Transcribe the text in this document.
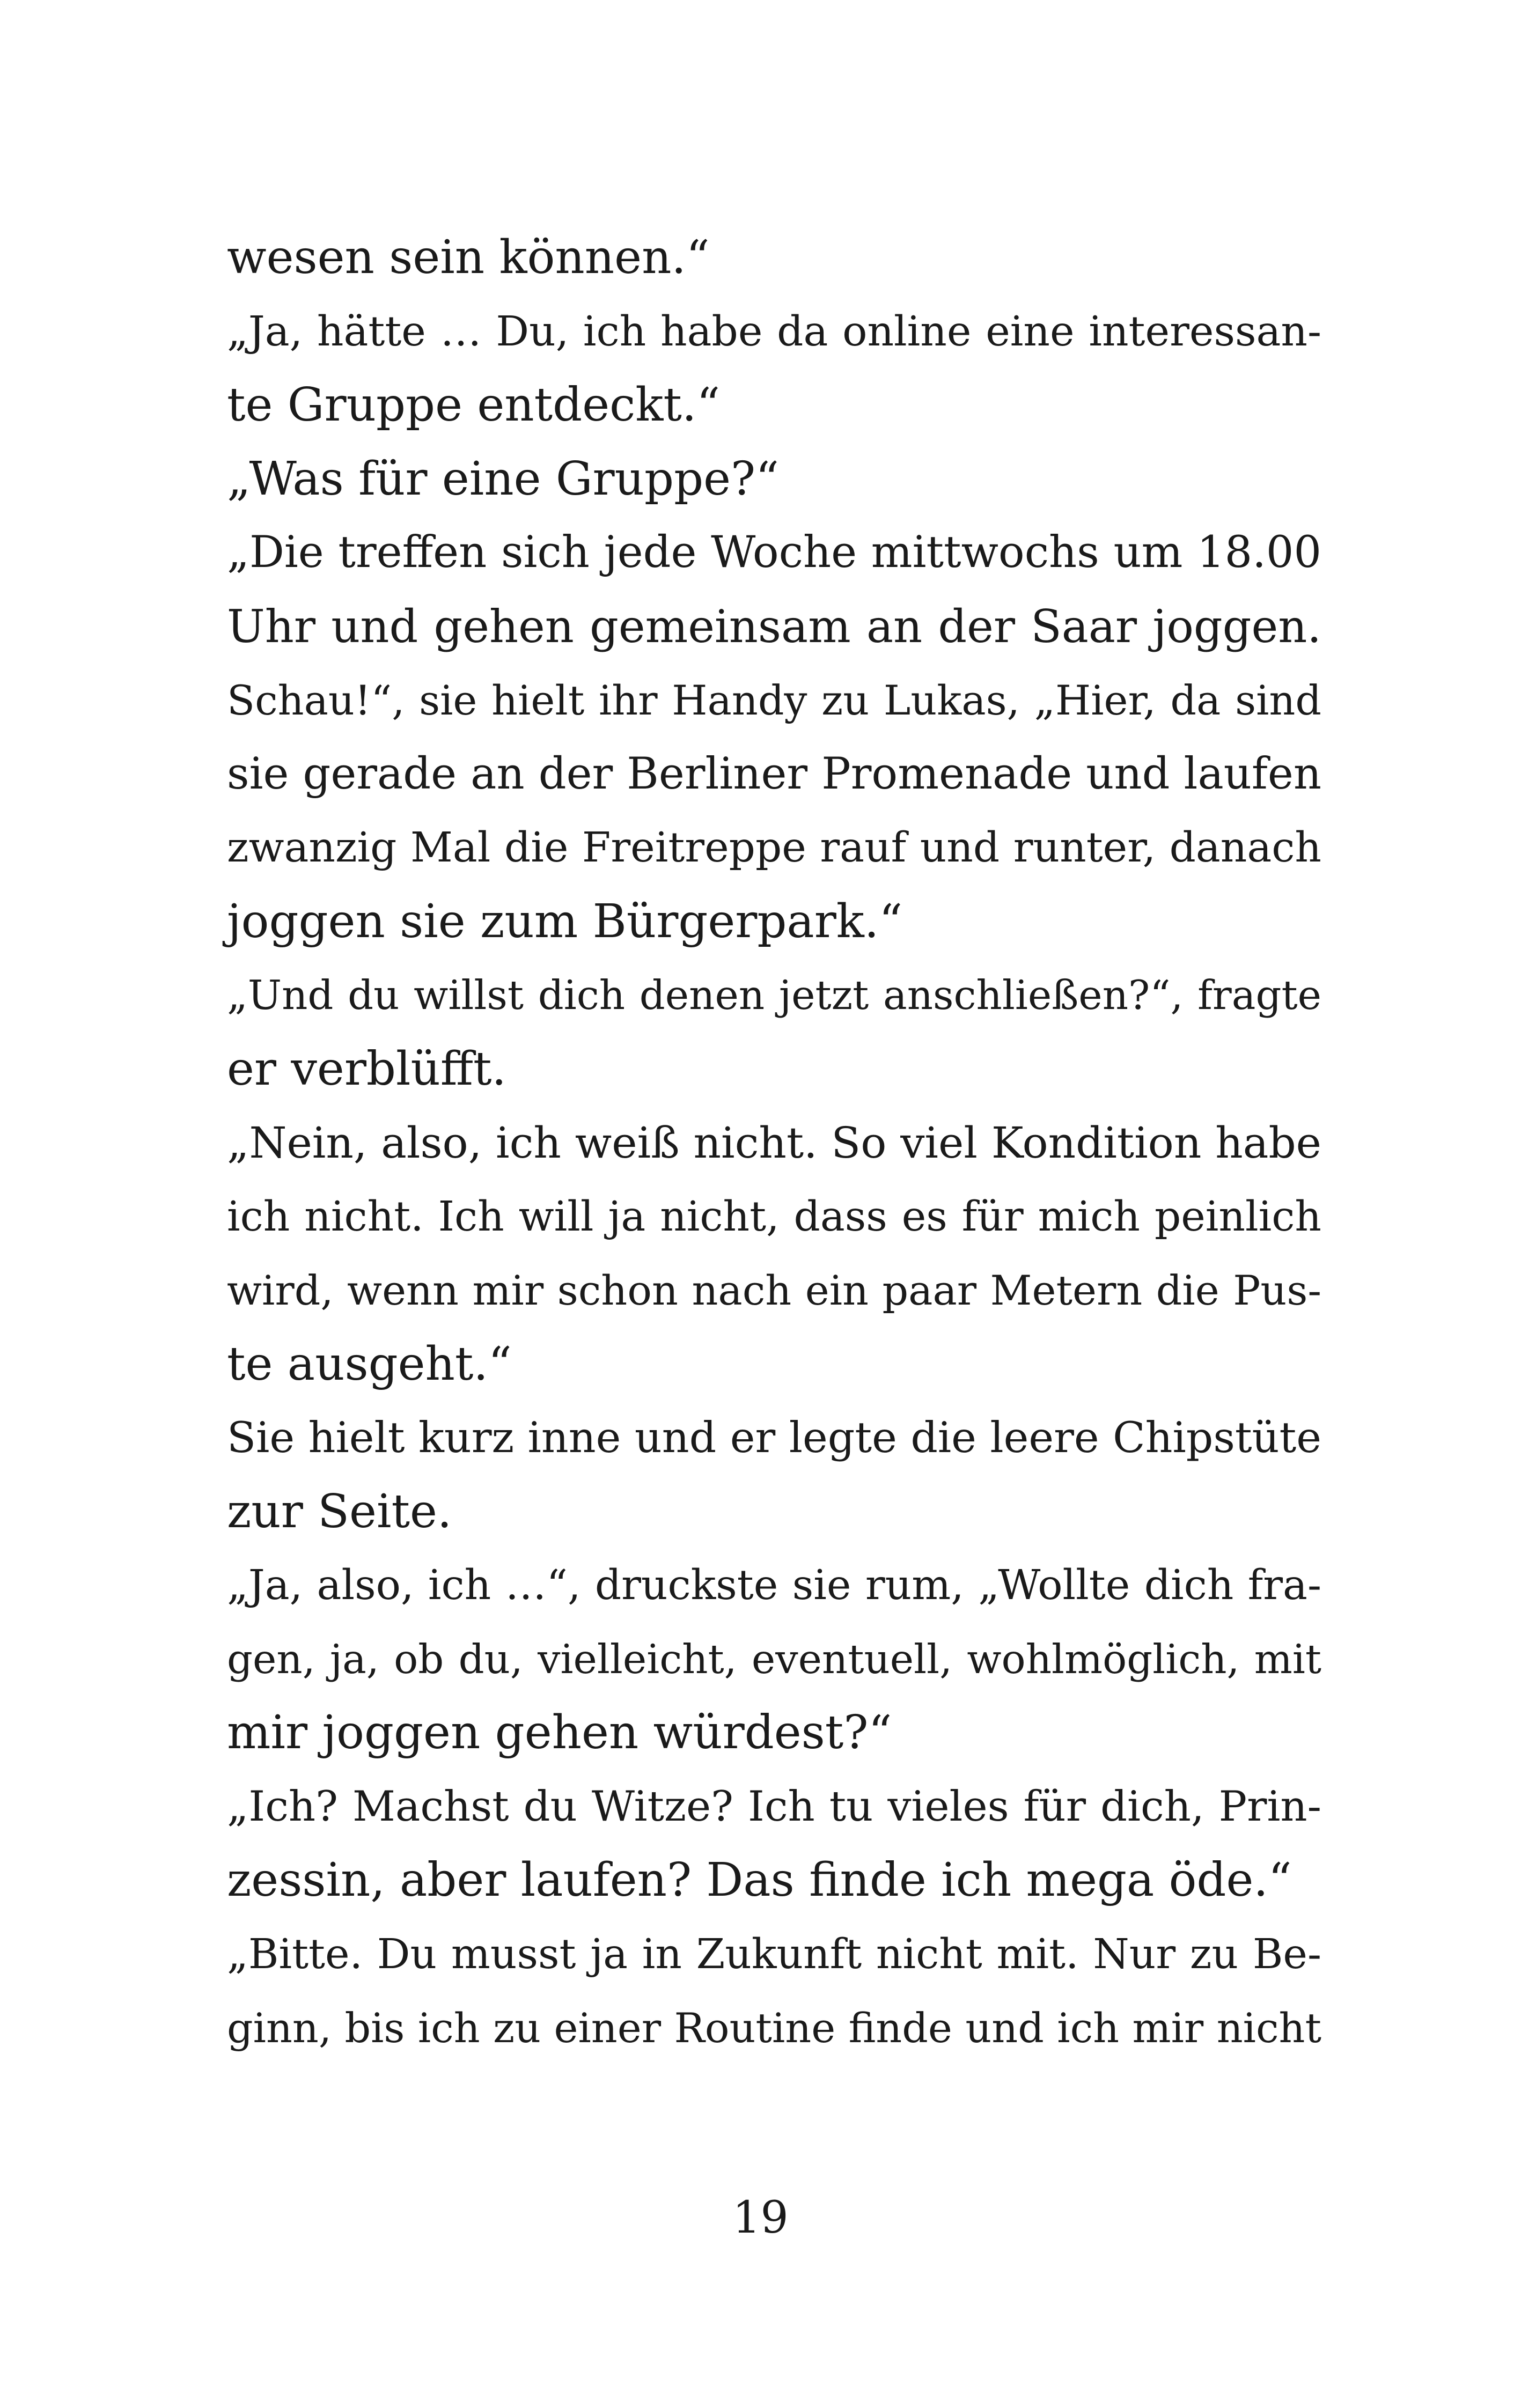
wesen sein können.“
„Ja, hätte … Du, ich habe da online eine interessan-
te Gruppe entdeckt.“
„Was für eine Gruppe?“
„Die treffen sich jede Woche mittwochs um 18.00
Uhr und gehen gemeinsam an der Saar joggen.
Schau!“, sie hielt ihr Handy zu Lukas, „Hier, da sind
sie gerade an der Berliner Promenade und laufen
zwanzig Mal die Freitreppe rauf und runter, danach
joggen sie zum Bürgerpark.“
„Und du willst dich denen jetzt anschließen?“, fragte
er verblüfft.
„Nein, also, ich weiß nicht. So viel Kondition habe
ich nicht. Ich will ja nicht, dass es für mich peinlich
wird, wenn mir schon nach ein paar Metern die Pus-
te ausgeht.“
Sie hielt kurz inne und er legte die leere Chipstüte
zur Seite.
„Ja, also, ich …“, druckste sie rum, „Wollte dich fra-
gen, ja, ob du, vielleicht, eventuell, wohlmöglich, mit
mir joggen gehen würdest?“
„Ich? Machst du Witze? Ich tu vieles für dich, Prin-
zessin, aber laufen? Das finde ich mega öde.“
„Bitte. Du musst ja in Zukunft nicht mit. Nur zu Be-
ginn, bis ich zu einer Routine finde und ich mir nicht
19
